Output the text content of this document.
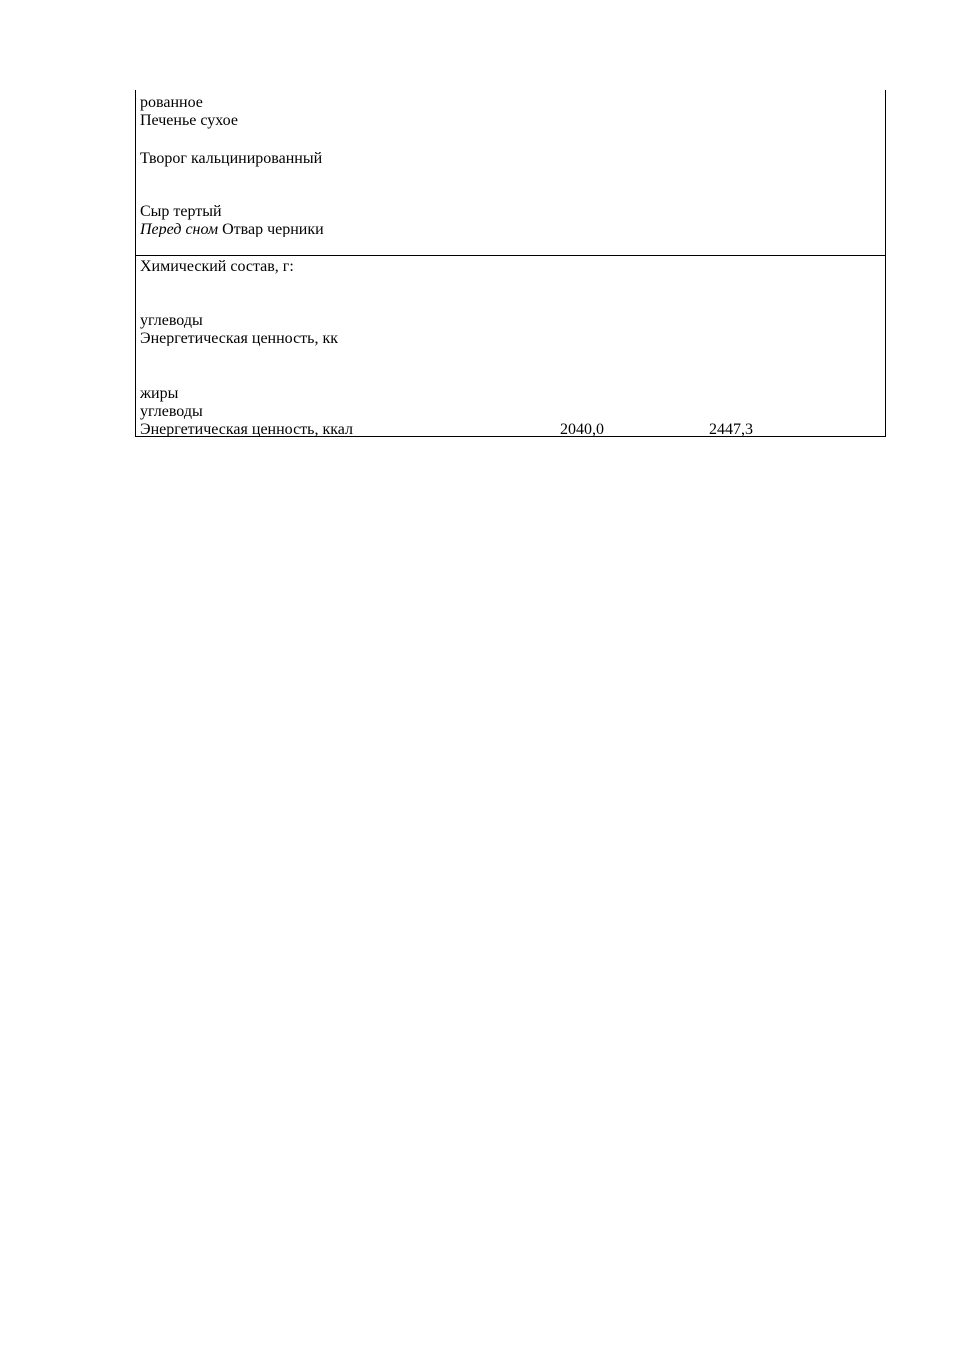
рованное
Печенье сухое
Творог кальцинированный
Сыр тертый
Перед сном Отвар черники
Химический состав, г:
углеводы
Энергетическая ценность, кк
жиры
углеводы
Энергетическая ценность, ккал	2040,0	2447,3
